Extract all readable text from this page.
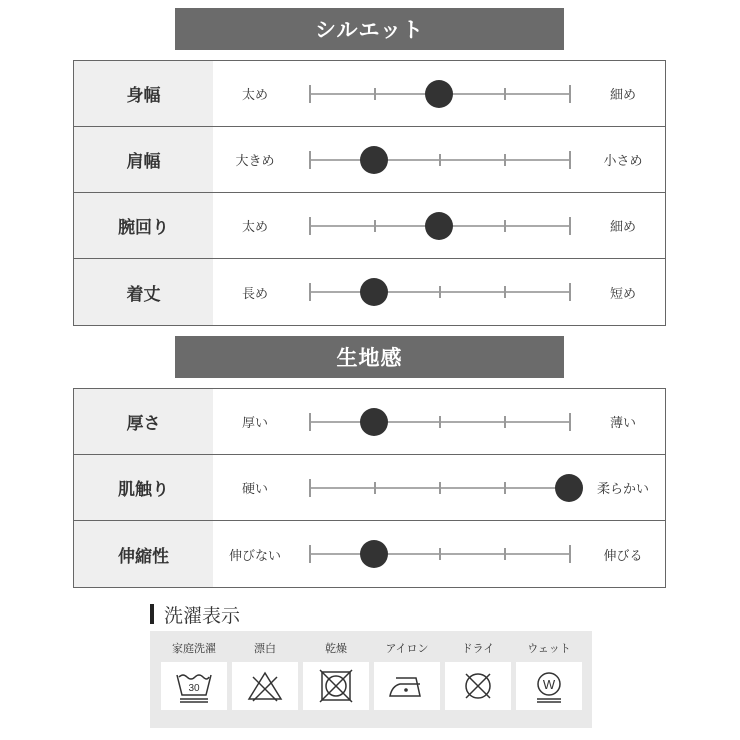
シルエット
身幅	太め	細め
肩幅	大きめ	小さめ
腕回り	太め	細め
着丈	長め	短め
生地感
厚さ	厚い	薄い
肌触り	硬い	柔らかい
伸縮性	伸びない	伸びる
洗濯表示
家庭洗濯
30
漂白	乾燥	アイロン	ドライ	ウェット
W
